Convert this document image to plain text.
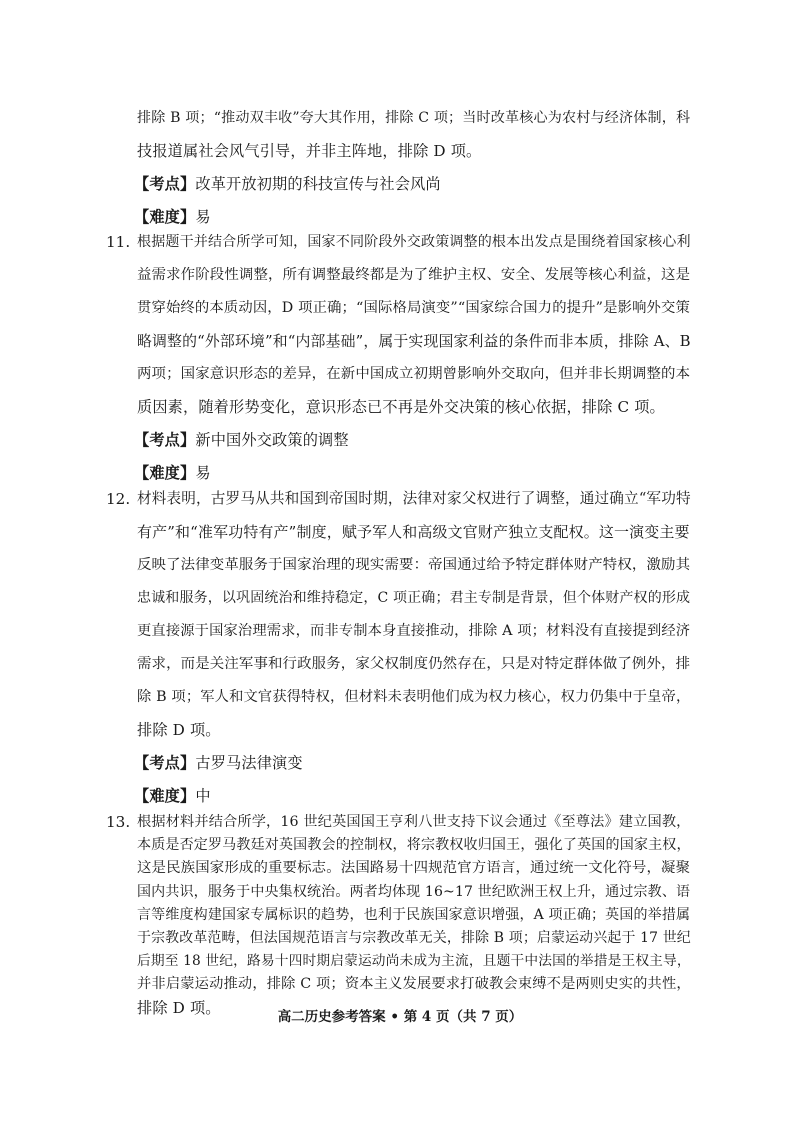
排除 B 项；“推动双丰收”夸大其作用，排除 C 项；当时改革核心为农村与经济体制，科
技报道属社会风气引导，并非主阵地，排除 D 项。
【考点】改革开放初期的科技宣传与社会风尚
【难度】易
11. 根据题干并结合所学可知，国家不同阶段外交政策调整的根本出发点是围绕着国家核心利
益需求作阶段性调整，所有调整最终都是为了维护主权、安全、发展等核心利益，这是
贯穿始终的本质动因，D 项正确；“国际格局演变”“国家综合国力的提升”是影响外交策
略调整的“外部环境”和“内部基础”，属于实现国家利益的条件而非本质，排除 A、B
两项；国家意识形态的差异，在新中国成立初期曾影响外交取向，但并非长期调整的本
质因素，随着形势变化，意识形态已不再是外交决策的核心依据，排除 C 项。
【考点】新中国外交政策的调整
【难度】易
12. 材料表明，古罗马从共和国到帝国时期，法律对家父权进行了调整，通过确立“军功特
有产”和“准军功特有产”制度，赋予军人和高级文官财产独立支配权。这一演变主要
反映了法律变革服务于国家治理的现实需要：帝国通过给予特定群体财产特权，激励其
忠诚和服务，以巩固统治和维持稳定，C 项正确；君主专制是背景，但个体财产权的形成
更直接源于国家治理需求，而非专制本身直接推动，排除 A 项；材料没有直接提到经济
需求，而是关注军事和行政服务，家父权制度仍然存在，只是对特定群体做了例外，排
除 B 项；军人和文官获得特权，但材料未表明他们成为权力核心，权力仍集中于皇帝，
排除 D 项。
【考点】古罗马法律演变
【难度】中
13. 根据材料并结合所学，16 世纪英国国王亨利八世支持下议会通过《至尊法》建立国教，
本质是否定罗马教廷对英国教会的控制权，将宗教权收归国王，强化了英国的国家主权，
这是民族国家形成的重要标志。法国路易十四规范官方语言，通过统一文化符号，凝聚
国内共识，服务于中央集权统治。两者均体现 16~17 世纪欧洲王权上升，通过宗教、语
言等维度构建国家专属标识的趋势，也利于民族国家意识增强，A 项正确；英国的举措属
于宗教改革范畴，但法国规范语言与宗教改革无关，排除 B 项；启蒙运动兴起于 17 世纪
后期至 18 世纪，路易十四时期启蒙运动尚未成为主流，且题干中法国的举措是王权主导，
并非启蒙运动推动，排除 C 项；资本主义发展要求打破教会束缚不是两则史实的共性，
排除 D 项。
高二历史参考答案 • 第 4 页（共 7 页）
